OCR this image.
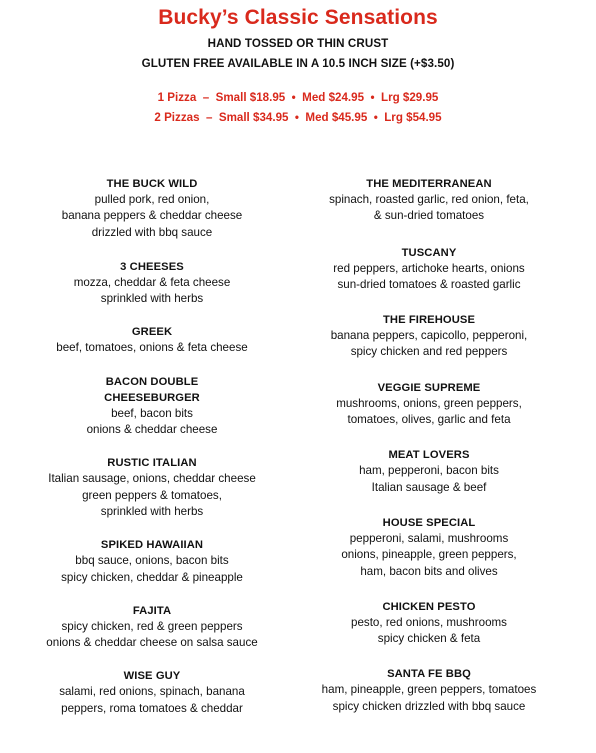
Bucky’s Classic Sensations
HAND TOSSED OR THIN CRUST
GLUTEN FREE AVAILABLE IN A 10.5 INCH SIZE (+$3.50)
1 Pizza  –  Small $18.95  •  Med $24.95  •  Lrg $29.95
2 Pizzas  –  Small $34.95  •  Med $45.95  •  Lrg $54.95
THE BUCK WILD
pulled pork, red onion,
banana peppers & cheddar cheese
drizzled with bbq sauce
3 CHEESES
mozza, cheddar & feta cheese
sprinkled with herbs
GREEK
beef, tomatoes, onions & feta cheese
BACON DOUBLE
CHEESEBURGER
beef, bacon bits
onions & cheddar cheese
RUSTIC ITALIAN
Italian sausage, onions, cheddar cheese
green peppers & tomatoes,
sprinkled with herbs
SPIKED HAWAIIAN
bbq sauce, onions, bacon bits
spicy chicken, cheddar & pineapple
FAJITA
spicy chicken, red & green peppers
onions & cheddar cheese on salsa sauce
WISE GUY
salami, red onions, spinach, banana
peppers, roma tomatoes & cheddar
THE MEDITERRANEAN
spinach, roasted garlic, red onion, feta,
& sun-dried tomatoes
TUSCANY
red peppers, artichoke hearts, onions
sun-dried tomatoes & roasted garlic
THE FIREHOUSE
banana peppers, capicollo, pepperoni,
spicy chicken and red peppers
VEGGIE SUPREME
mushrooms, onions, green peppers,
tomatoes, olives, garlic and feta
MEAT LOVERS
ham, pepperoni, bacon bits
Italian sausage & beef
HOUSE SPECIAL
pepperoni, salami, mushrooms
onions, pineapple, green peppers,
ham, bacon bits and olives
CHICKEN PESTO
pesto, red onions, mushrooms
spicy chicken & feta
SANTA FE BBQ
ham, pineapple, green peppers, tomatoes
spicy chicken drizzled with bbq sauce
